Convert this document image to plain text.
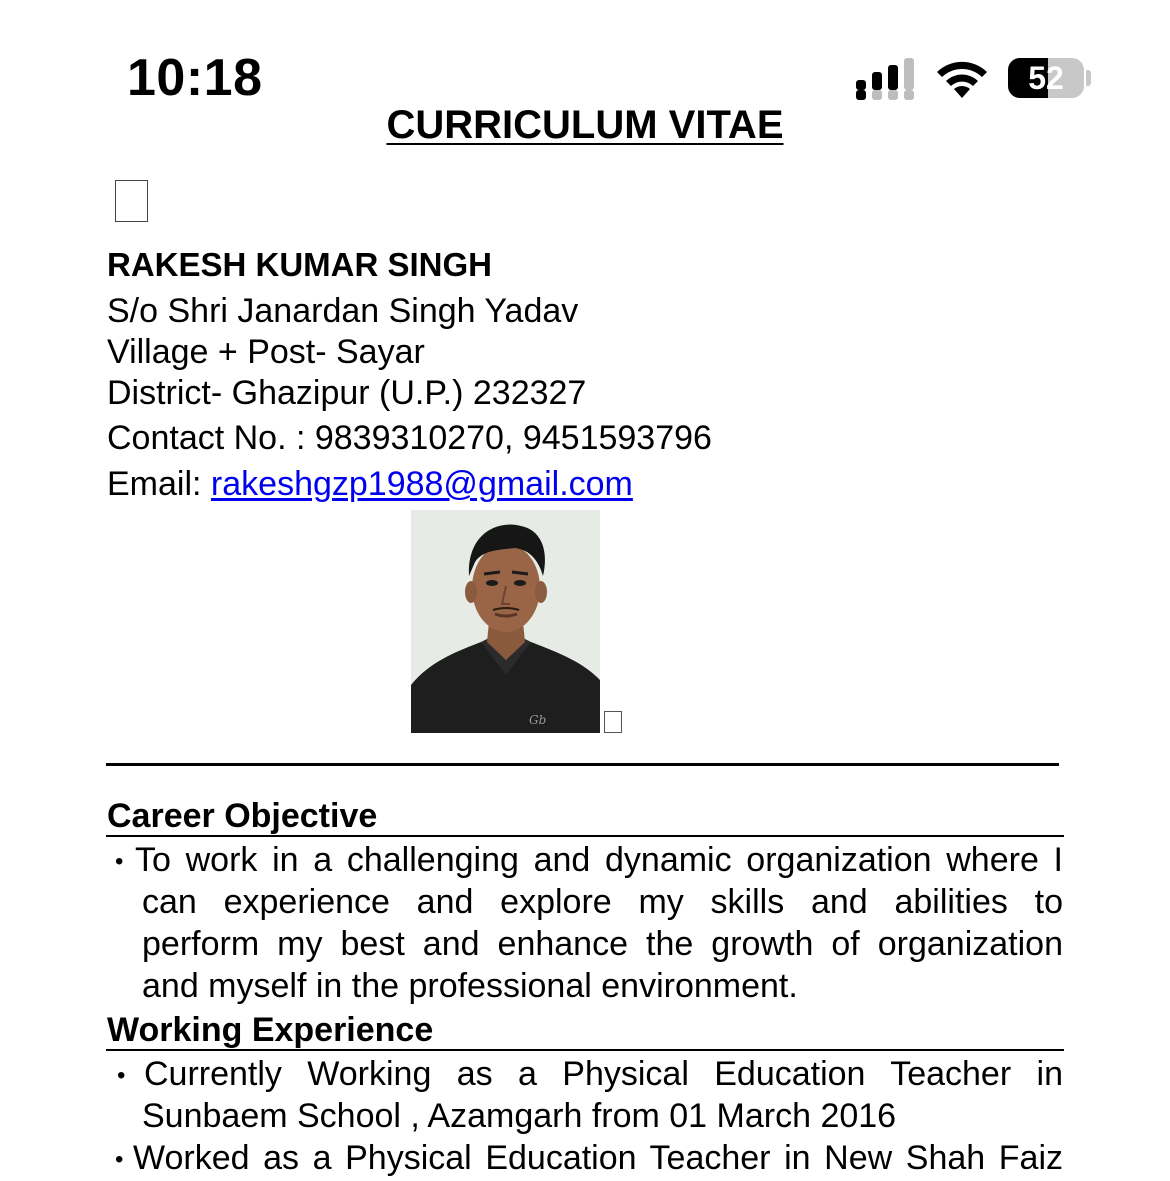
10:18	52
CURRICULUM VITAE
RAKESH KUMAR SINGH
S/o Shri Janardan Singh Yadav
Village + Post- Sayar
District- Ghazipur (U.P.) 232327
Contact No. : 9839310270, 9451593796
Email: rakeshgzp1988@gmail.com
Gb
Career Objective
• To work in a challenging and dynamic organization where I
can experience and explore my skills and abilities to
perform my best and enhance the growth of organization
and myself in the professional environment.
Working Experience
• Currently Working as a Physical Education Teacher in
Sunbaem School , Azamgarh from 01 March 2016
• Worked as a Physical Education Teacher in New Shah Faiz
